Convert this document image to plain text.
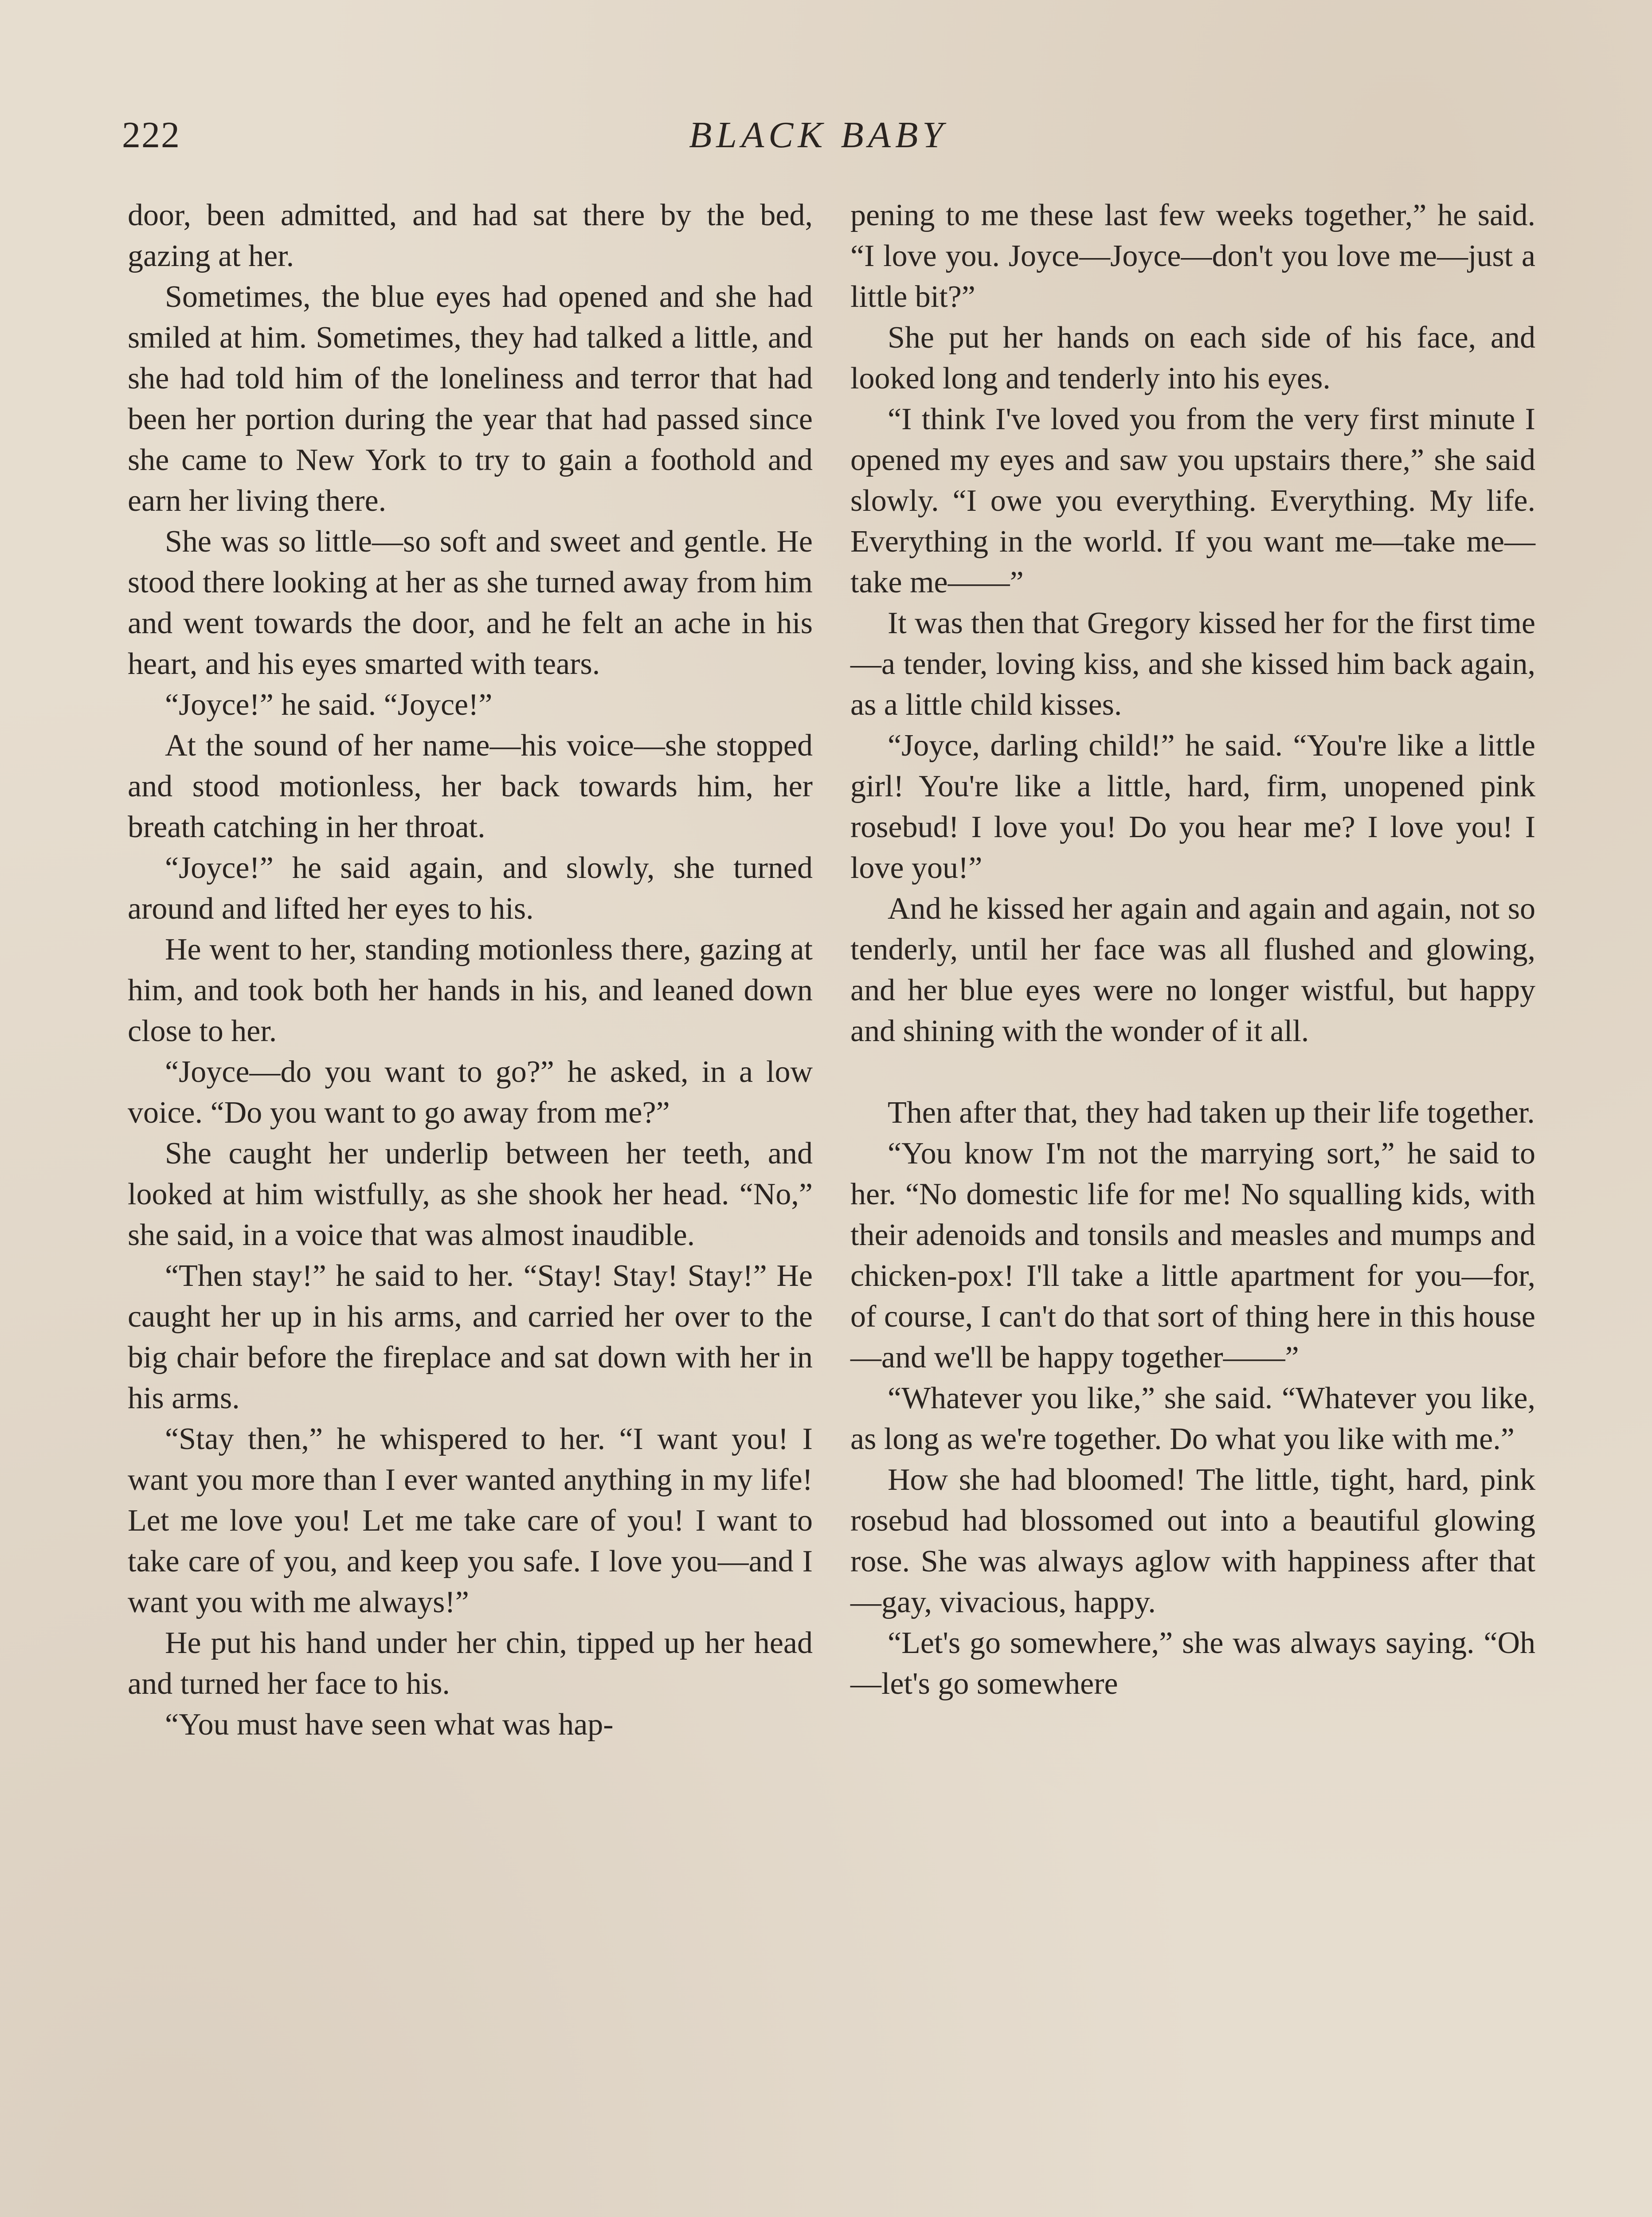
222	BLACK BABY

door, been admitted, and had sat there by the bed, gazing at her.

Sometimes, the blue eyes had opened and she had smiled at him. Sometimes, they had talked a little, and she had told him of the loneliness and terror that had been her portion during the year that had passed since she came to New York to try to gain a foothold and earn her living there.

She was so little—so soft and sweet and gentle. He stood there looking at her as she turned away from him and went towards the door, and he felt an ache in his heart, and his eyes smarted with tears.

“Joyce!” he said. “Joyce!”

At the sound of her name—his voice—she stopped and stood motionless, her back towards him, her breath catching in her throat.

“Joyce!” he said again, and slowly, she turned around and lifted her eyes to his.

He went to her, standing motionless there, gazing at him, and took both her hands in his, and leaned down close to her.

“Joyce—do you want to go?” he asked, in a low voice. “Do you want to go away from me?”

She caught her underlip between her teeth, and looked at him wistfully, as she shook her head. “No,” she said, in a voice that was almost inaudible.

“Then stay!” he said to her. “Stay! Stay! Stay!” He caught her up in his arms, and carried her over to the big chair before the fireplace and sat down with her in his arms.

“Stay then,” he whispered to her. “I want you! I want you more than I ever wanted anything in my life! Let me love you! Let me take care of you! I want to take care of you, and keep you safe. I love you—and I want you with me always!”

He put his hand under her chin, tipped up her head and turned her face to his.

“You must have seen what was hap-

pening to me these last few weeks together,” he said. “I love you. Joyce—Joyce—don't you love me—just a little bit?”

She put her hands on each side of his face, and looked long and tenderly into his eyes.

“I think I've loved you from the very first minute I opened my eyes and saw you upstairs there,” she said slowly. “I owe you everything. Everything. My life. Everything in the world. If you want me—take me—take me——”

It was then that Gregory kissed her for the first time—a tender, loving kiss, and she kissed him back again, as a little child kisses.

“Joyce, darling child!” he said. “You're like a little girl! You're like a little, hard, firm, unopened pink rosebud! I love you! Do you hear me? I love you! I love you!”

And he kissed her again and again and again, not so tenderly, until her face was all flushed and glowing, and her blue eyes were no longer wistful, but happy and shining with the wonder of it all.

Then after that, they had taken up their life together.

“You know I'm not the marrying sort,” he said to her. “No domestic life for me! No squalling kids, with their adenoids and tonsils and measles and mumps and chicken-pox! I'll take a little apartment for you—for, of course, I can't do that sort of thing here in this house—and we'll be happy together——”

“Whatever you like,” she said. “Whatever you like, as long as we're together. Do what you like with me.”

How she had bloomed! The little, tight, hard, pink rosebud had blossomed out into a beautiful glowing rose. She was always aglow with happiness after that—gay, vivacious, happy.

“Let's go somewhere,” she was always saying. “Oh—let's go somewhere
